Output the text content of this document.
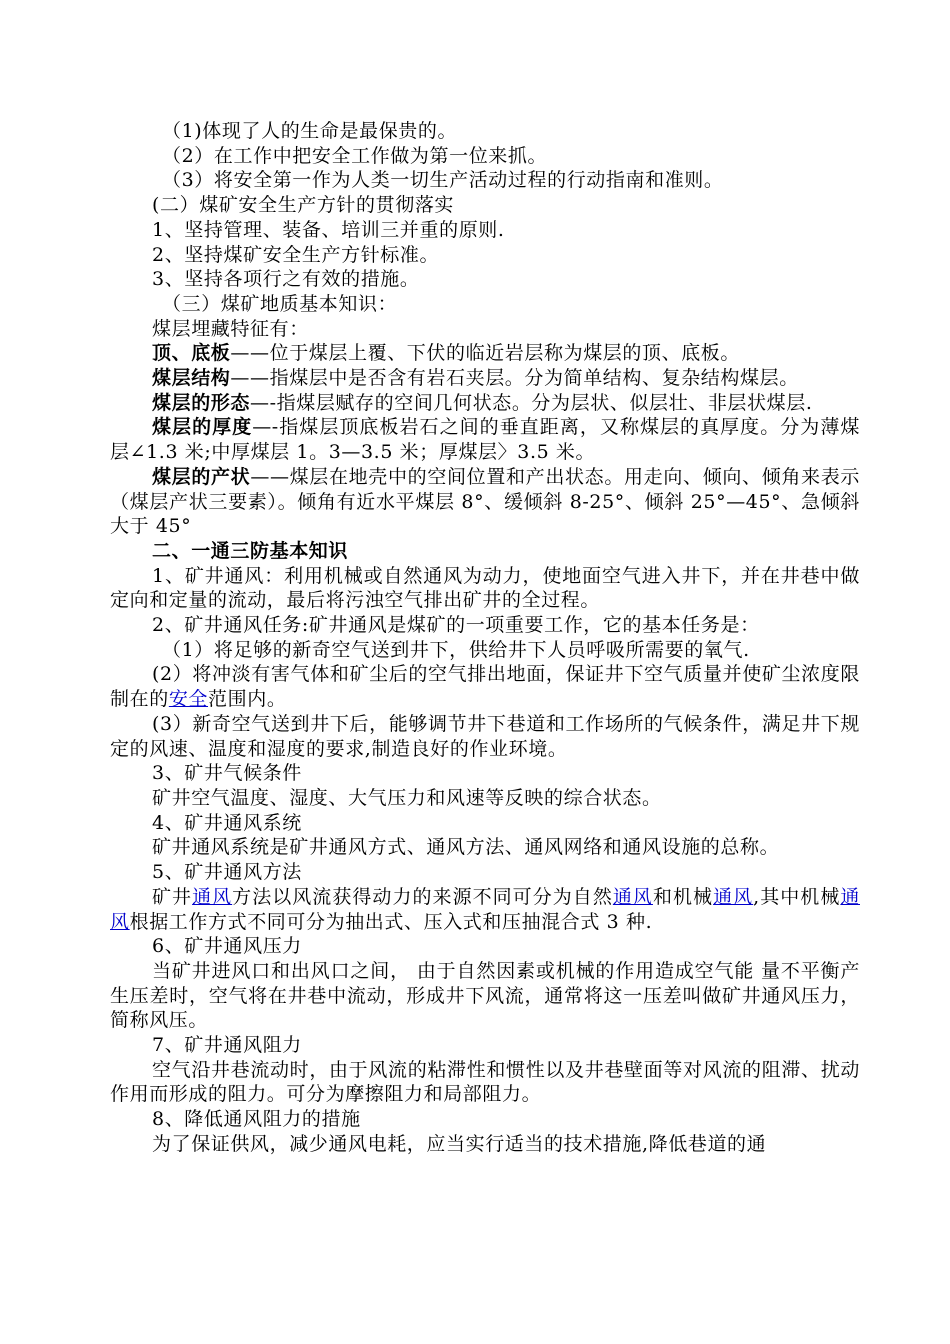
（1)体现了人的生命是最保贵的。

（2）在工作中把安全工作做为第一位来抓。

（3）将安全第一作为人类一切生产活动过程的行动指南和准则。

(二）煤矿安全生产方针的贯彻落实

1、坚持管理、装备、培训三并重的原则.

2、坚持煤矿安全生产方针标准。

3、坚持各项行之有效的措施。

（三）煤矿地质基本知识：

煤层埋藏特征有：

顶、底板——位于煤层上覆、下伏的临近岩层称为煤层的顶、底板。

煤层结构——指煤层中是否含有岩石夹层。分为简单结构、复杂结构煤层。

煤层的形态—-指煤层赋存的空间几何状态。分为层状、似层壮、非层状煤层.

煤层的厚度—-指煤层顶底板岩石之间的垂直距离，又称煤层的真厚度。分为薄煤层∠1.3 米;中厚煤层 1。3—3.5 米；厚煤层〉3.5 米。

煤层的产状——煤层在地壳中的空间位置和产出状态。用走向、倾向、倾角来表示（煤层产状三要素）。倾角有近水平煤层 8°、缓倾斜 8-25°、倾斜 25°—45°、急倾斜大于 45°

二、一通三防基本知识

1、矿井通风：利用机械或自然通风为动力，使地面空气进入井下，并在井巷中做定向和定量的流动，最后将污浊空气排出矿井的全过程。

2、矿井通风任务:矿井通风是煤矿的一项重要工作，它的基本任务是：

（1）将足够的新奇空气送到井下，供给井下人员呼吸所需要的氧气.

(2）将冲淡有害气体和矿尘后的空气排出地面，保证井下空气质量并使矿尘浓度限制在的安全范围内。

(3）新奇空气送到井下后，能够调节井下巷道和工作场所的气候条件，满足井下规定的风速、温度和湿度的要求,制造良好的作业环境。

3、矿井气候条件

矿井空气温度、湿度、大气压力和风速等反映的综合状态。

4、矿井通风系统

矿井通风系统是矿井通风方式、通风方法、通风网络和通风设施的总称。

5、矿井通风方法

矿井通风方法以风流获得动力的来源不同可分为自然通风和机械通风,其中机械通风根据工作方式不同可分为抽出式、压入式和压抽混合式 3 种.

6、矿井通风压力

当矿井进风口和出风口之间， 由于自然因素或机械的作用造成空气能 量不平衡产生压差时，空气将在井巷中流动，形成井下风流，通常将这一压差叫做矿井通风压力，简称风压。

7、矿井通风阻力

空气沿井巷流动时，由于风流的粘滞性和惯性以及井巷壁面等对风流的阻滞、扰动作用而形成的阻力。可分为摩擦阻力和局部阻力。

8、降低通风阻力的措施

为了保证供风，减少通风电耗，应当实行适当的技术措施,降低巷道的通
